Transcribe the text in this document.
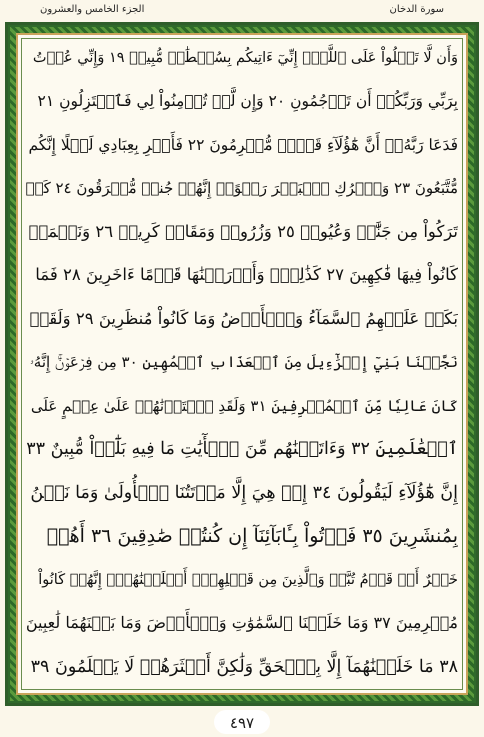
الجزء الخامس والعشرون	سورة الدخان
وَأَن لَّا تَعۡلُواْ عَلَى ٱللَّهِۖ إِنِّيٓ ءَاتِيكُم بِسُلۡطَٰنٖ مُّبِينٖ ١٩ وَإِنِّي عُذۡتُ
بِرَبِّي وَرَبِّكُمۡ أَن تَرۡجُمُونِ ٢٠ وَإِن لَّمۡ تُؤۡمِنُواْ لِي فَٱعۡتَزِلُونِ ٢١
فَدَعَا رَبَّهُۥٓ أَنَّ هَٰٓؤُلَآءِ قَوۡمٞ مُّجۡرِمُونَ ٢٢ فَأَسۡرِ بِعِبَادِي لَيۡلًا إِنَّكُم
مُّتَّبَعُونَ ٢٣ وَٱتۡرُكِ ٱلۡبَحۡرَ رَهۡوًاۖ إِنَّهُمۡ جُندٞ مُّغۡرَقُونَ ٢٤ كَمۡ
تَرَكُواْ مِن جَنَّٰتٖ وَعُيُونٖ ٢٥ وَزُرُوعٖ وَمَقَامٖ كَرِيمٖ ٢٦ وَنَعۡمَةٖ
كَانُواْ فِيهَا فَٰكِهِينَ ٢٧ كَذَٰلِكَۖ وَأَوۡرَثۡنَٰهَا قَوۡمًا ءَاخَرِينَ ٢٨ فَمَا
بَكَتۡ عَلَيۡهِمُ ٱلسَّمَآءُ وَٱلۡأَرۡضُ وَمَا كَانُواْ مُنظَرِينَ ٢٩ وَلَقَدۡ
نَجَّيۡنَا بَنِيٓ إِسۡرَٰٓءِيلَ مِنَ ٱلۡعَذَابِ ٱلۡمُهِينِ ٣٠ مِن فِرۡعَوۡنَۚ إِنَّهُۥ
كَانَ عَالِيٗا مِّنَ ٱلۡمُسۡرِفِينَ ٣١ وَلَقَدِ ٱخۡتَرۡنَٰهُمۡ عَلَىٰ عِلۡمٍ عَلَى
ٱلۡعَٰلَمِينَ ٣٢ وَءَاتَيۡنَٰهُم مِّنَ ٱلۡأٓيَٰتِ مَا فِيهِ بَلَٰٓؤٞاْ مُّبِينٌ ٣٣
إِنَّ هَٰٓؤُلَآءِ لَيَقُولُونَ ٣٤ إِنۡ هِيَ إِلَّا مَوۡتَتُنَا ٱلۡأُولَىٰ وَمَا نَحۡنُ
بِمُنشَرِينَ ٣٥ فَأۡتُواْ بِـَٔابَآئِنَآ إِن كُنتُمۡ صَٰدِقِينَ ٣٦ أَهُمۡ
خَيۡرٌ أَمۡ قَوۡمُ تُبَّعٖ وَٱلَّذِينَ مِن قَبۡلِهِمۡۚ أَهۡلَكۡنَٰهُمۡۖ إِنَّهُمۡ كَانُواْ
مُجۡرِمِينَ ٣٧ وَمَا خَلَقۡنَا ٱلسَّمَٰوَٰتِ وَٱلۡأَرۡضَ وَمَا بَيۡنَهُمَا لَٰعِبِينَ
٣٨ مَا خَلَقۡنَٰهُمَآ إِلَّا بِٱلۡحَقِّ وَلَٰكِنَّ أَكۡثَرَهُمۡ لَا يَعۡلَمُونَ ٣٩
٤٩٧
